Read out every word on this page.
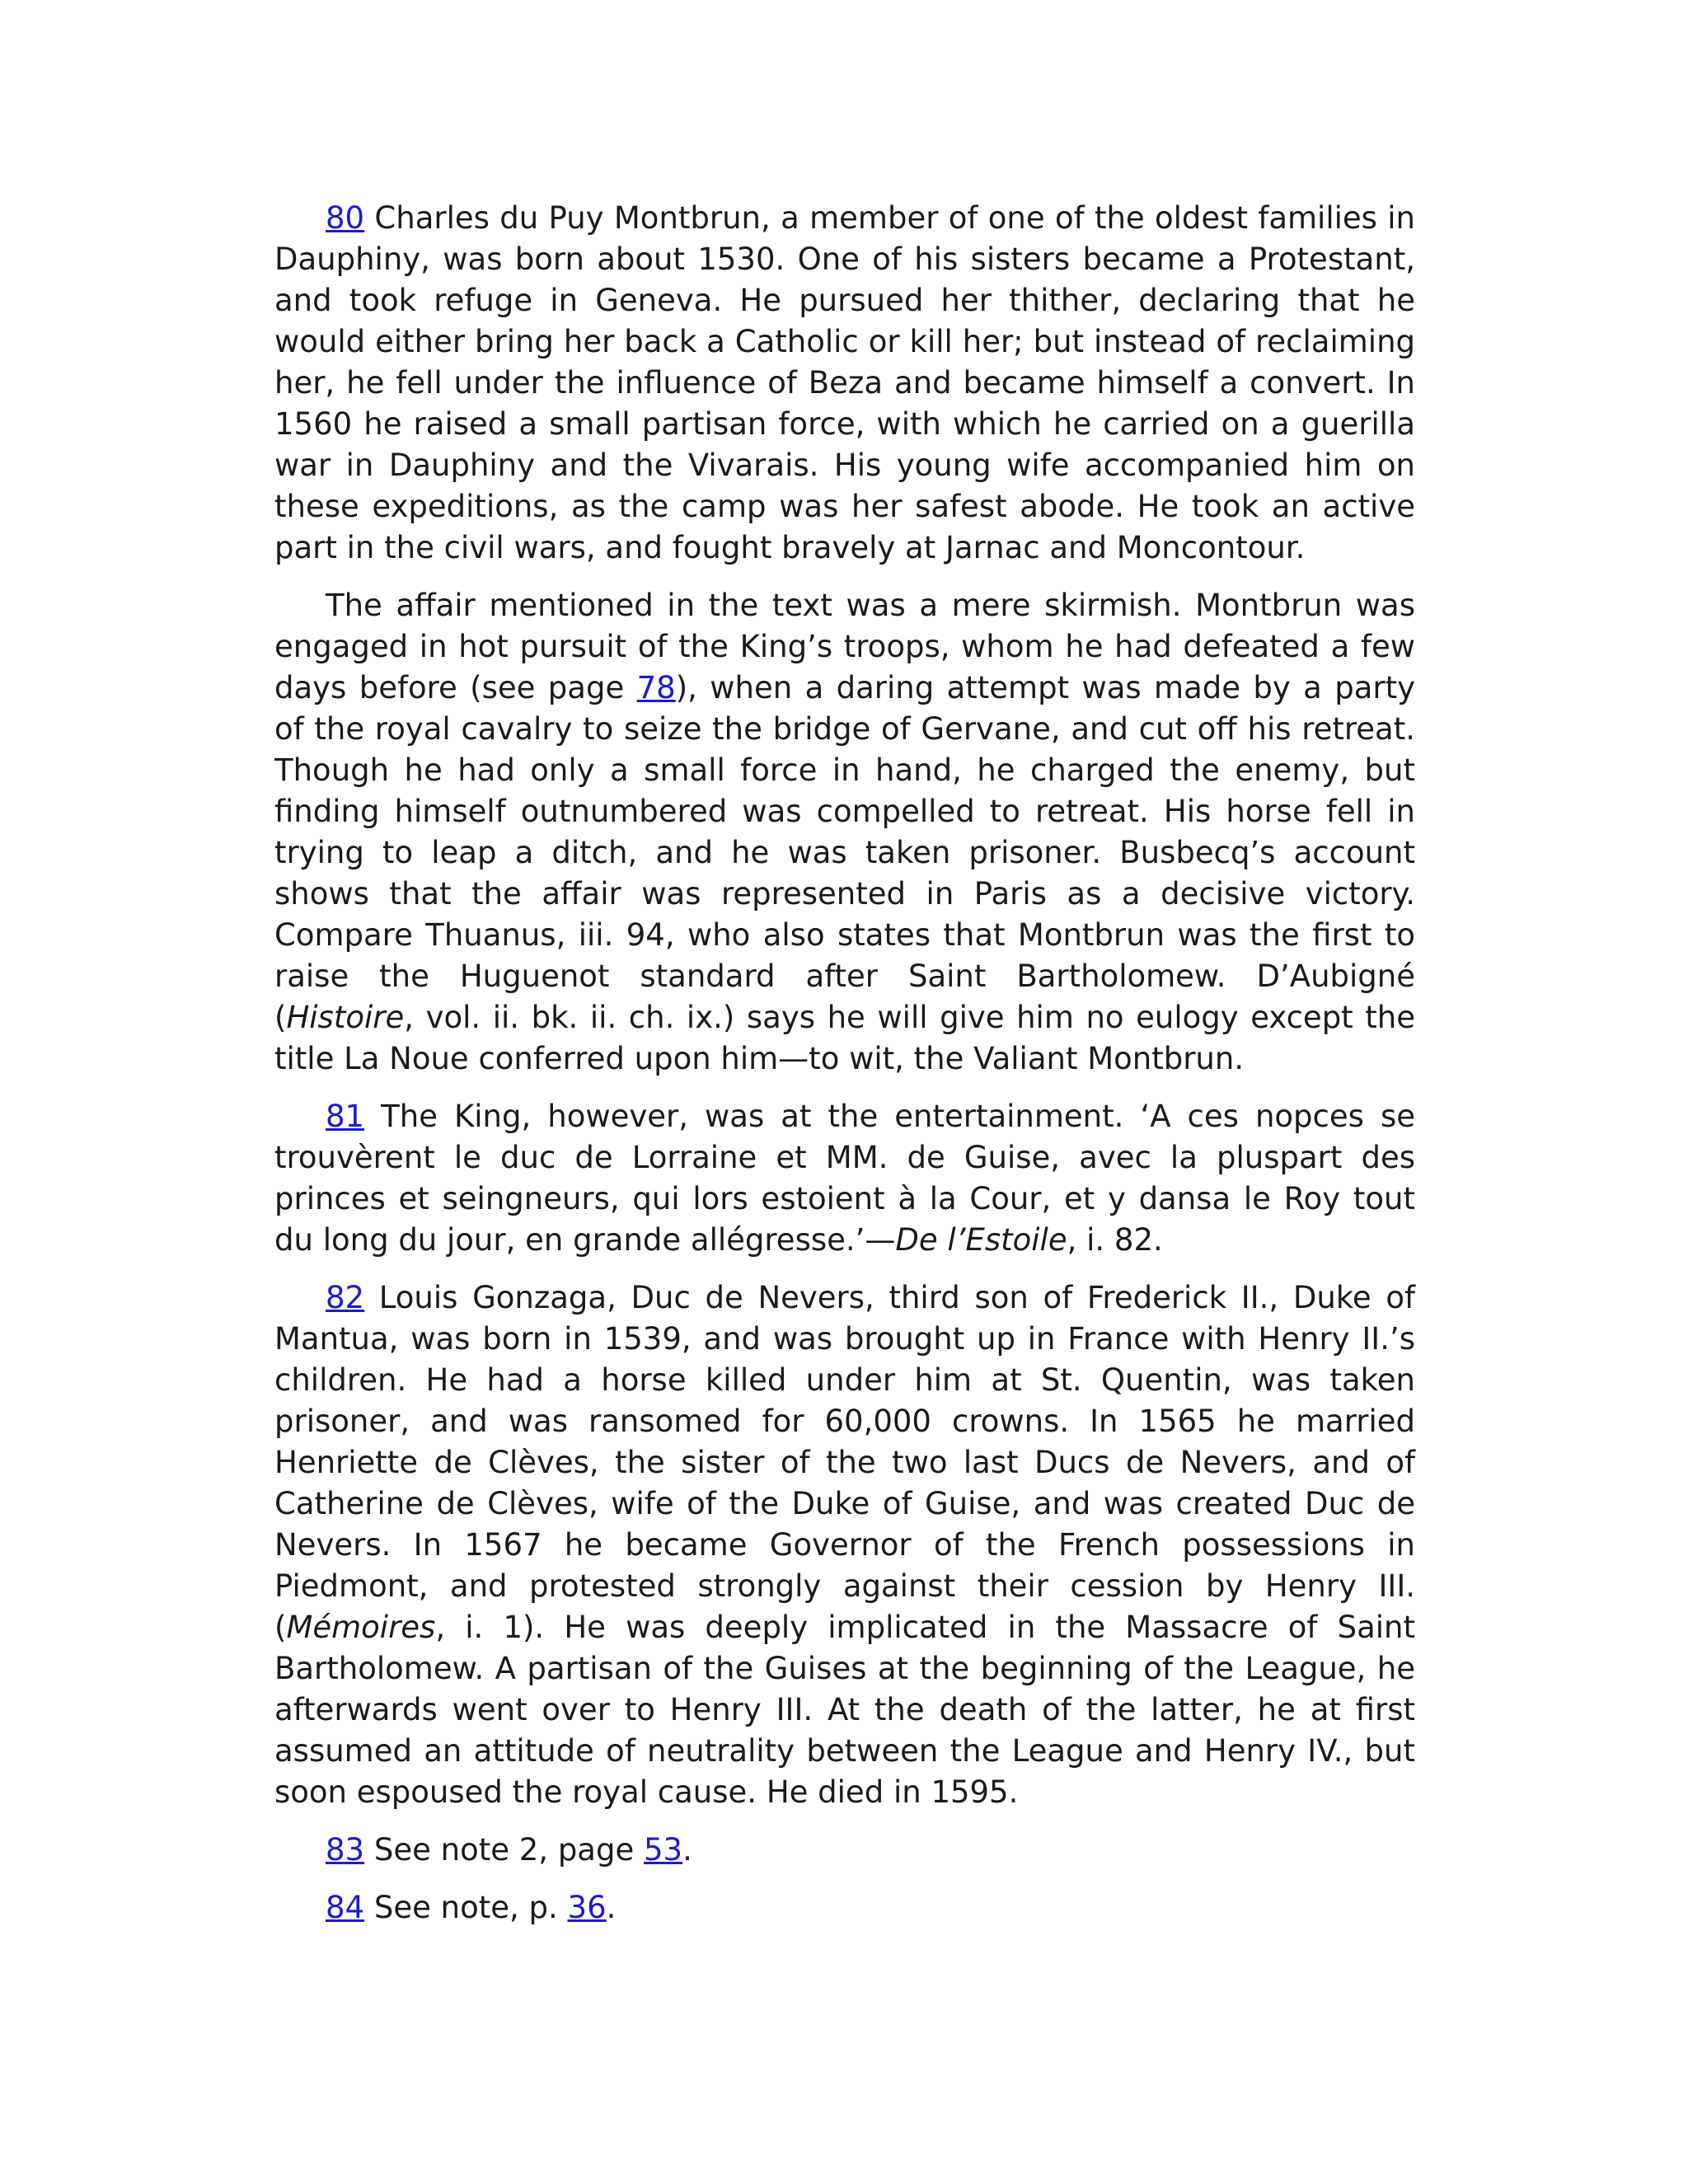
80 Charles du Puy Montbrun, a member of one of the oldest families in Dauphiny, was born about 1530. One of his sisters became a Protestant, and took refuge in Geneva. He pursued her thither, declaring that he would either bring her back a Catholic or kill her; but instead of reclaiming her, he fell under the influence of Beza and became himself a convert. In 1560 he raised a small partisan force, with which he carried on a guerilla war in Dauphiny and the Vivarais. His young wife accompanied him on these expeditions, as the camp was her safest abode. He took an active part in the civil wars, and fought bravely at Jarnac and Moncontour.

The affair mentioned in the text was a mere skirmish. Montbrun was engaged in hot pursuit of the King’s troops, whom he had defeated a few days before (see page 78), when a daring attempt was made by a party of the royal cavalry to seize the bridge of Gervane, and cut off his retreat. Though he had only a small force in hand, he charged the enemy, but finding himself outnumbered was compelled to retreat. His horse fell in trying to leap a ditch, and he was taken prisoner. Busbecq’s account shows that the affair was represented in Paris as a decisive victory. Compare Thuanus, iii. 94, who also states that Montbrun was the first to raise the Huguenot standard after Saint Bartholomew. D’Aubigné (Histoire, vol. ii. bk. ii. ch. ix.) says he will give him no eulogy except the title La Noue conferred upon him—to wit, the Valiant Montbrun.

81 The King, however, was at the entertainment. ‘A ces nopces se trouvèrent le duc de Lorraine et MM. de Guise, avec la pluspart des princes et seingneurs, qui lors estoient à la Cour, et y dansa le Roy tout du long du jour, en grande allégresse.’—De l’Estoile, i. 82.

82 Louis Gonzaga, Duc de Nevers, third son of Frederick II., Duke of Mantua, was born in 1539, and was brought up in France with Henry II.’s children. He had a horse killed under him at St. Quentin, was taken prisoner, and was ransomed for 60,000 crowns. In 1565 he married Henriette de Clèves, the sister of the two last Ducs de Nevers, and of Catherine de Clèves, wife of the Duke of Guise, and was created Duc de Nevers. In 1567 he became Governor of the French possessions in Piedmont, and protested strongly against their cession by Henry III. (Mémoires, i. 1). He was deeply implicated in the Massacre of Saint Bartholomew. A partisan of the Guises at the beginning of the League, he afterwards went over to Henry III. At the death of the latter, he at first assumed an attitude of neutrality between the League and Henry IV., but soon espoused the royal cause. He died in 1595.

83 See note 2, page 53.

84 See note, p. 36.
